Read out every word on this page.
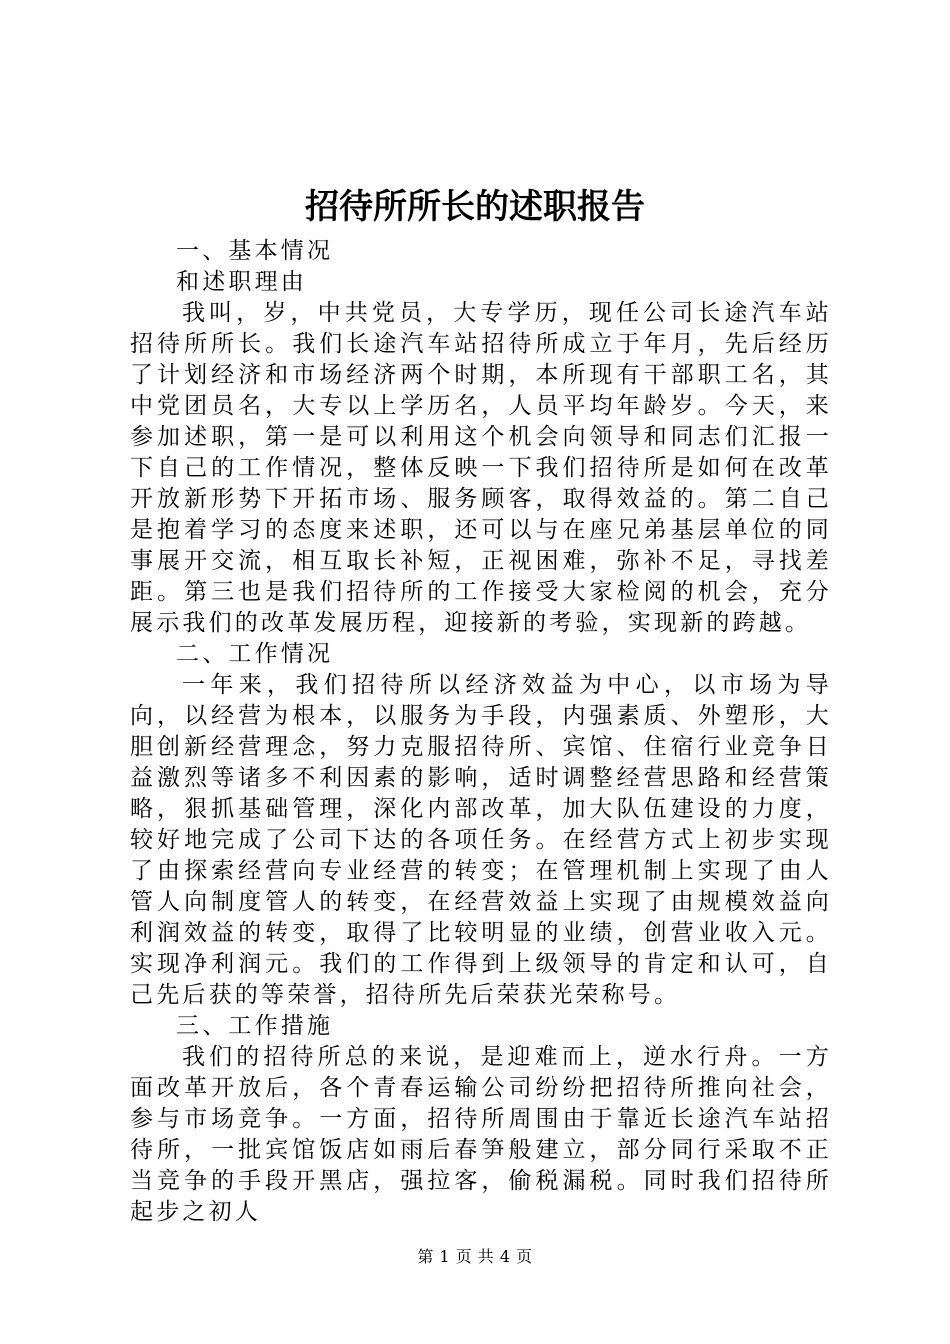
招待所所长的述职报告

一、基本情况

和述职理由

我叫，岁，中共党员，大专学历，现任公司长途汽车站招待所所长。我们长途汽车站招待所成立于年月，先后经历了计划经济和市场经济两个时期，本所现有干部职工名，其中党团员名，大专以上学历名，人员平均年龄岁。今天，来参加述职，第一是可以利用这个机会向领导和同志们汇报一下自己的工作情况，整体反映一下我们招待所是如何在改革开放新形势下开拓市场、服务顾客，取得效益的。第二自己是抱着学习的态度来述职，还可以与在座兄弟基层单位的同事展开交流，相互取长补短，正视困难，弥补不足，寻找差距。第三也是我们招待所的工作接受大家检阅的机会，充分展示我们的改革发展历程，迎接新的考验，实现新的跨越。

二、工作情况

一年来，我们招待所以经济效益为中心，以市场为导向，以经营为根本，以服务为手段，内强素质、外塑形，大胆创新经营理念，努力克服招待所、宾馆、住宿行业竞争日益激烈等诸多不利因素的影响，适时调整经营思路和经营策略，狠抓基础管理，深化内部改革，加大队伍建设的力度，较好地完成了公司下达的各项任务。在经营方式上初步实现了由探索经营向专业经营的转变；在管理机制上实现了由人管人向制度管人的转变，在经营效益上实现了由规模效益向利润效益的转变，取得了比较明显的业绩，创营业收入元。实现净利润元。我们的工作得到上级领导的肯定和认可，自己先后获的等荣誉，招待所先后荣获光荣称号。

三、工作措施

我们的招待所总的来说，是迎难而上，逆水行舟。一方面改革开放后，各个青春运输公司纷纷把招待所推向社会，参与市场竞争。一方面，招待所周围由于靠近长途汽车站招待所，一批宾馆饭店如雨后春笋般建立，部分同行采取不正当竞争的手段开黑店，强拉客，偷税漏税。同时我们招待所起步之初人

第 1 页 共 4 页
